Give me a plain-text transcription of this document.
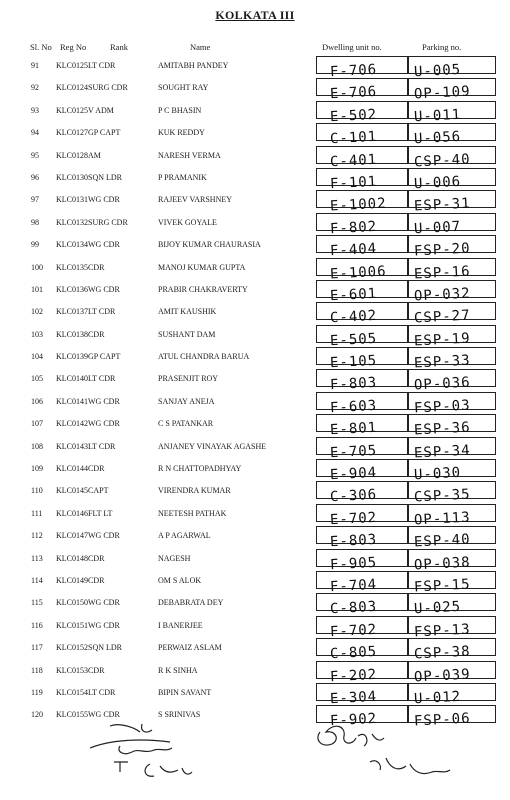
KOLKATA III
Sl. No Reg No	Rank	Name	Dwelling unit no.	Parking no.
91 KLC0125 LT CDR	AMITABH PANDEY	F-706	U-005
92 KLC0124 SURG CDR	SOUGHT RAY	E-706	OP-109
93 KLC0125 V ADM	P C BHASIN	E-502	U-011
94 KLC0127 GP CAPT	KUK REDDY	C-101	U-056
95 KLC0128 AM	NARESH VERMA	C-401	CSP-40
96 KLC0130 SQN LDR	P PRAMANIK	F-101	U-006
97 KLC0131 WG CDR	RAJEEV VARSHNEY	E-1002 ESP-31
98 KLC0132 SURG CDR	VIVEK GOYALE	F-802	U-007
99 KLC0134 WG CDR	BIJOY KUMAR CHAURASIA	F-404	FSP-20
100 KLC0135 CDR	MANOJ KUMAR GUPTA	E-1006 ESP-16
101 KLC0136 WG CDR	PRABIR CHAKRAVERTY	E-601	OP-032
102 KLC0137 LT CDR	AMIT KAUSHIK	C-402	CSP-27
103 KLC0138 CDR	SUSHANT DAM	E-505	ESP-19
104 KLC0139 GP CAPT	ATUL CHANDRA BARUA	E-105	ESP-33
105 KLC0140 LT CDR	PRASENJIT ROY	F-803	OP-036
106 KLC0141 WG CDR	SANJAY ANEJA	F-603	FSP-03
107 KLC0142 WG CDR	C S PATANKAR	E-801	ESP-36
108 KLC0143 LT CDR	ANJANEY VINAYAK AGASHE	E-705	ESP-34
109 KLC0144 CDR	R N CHATTOPADHYAY	E-904	U-030
110 KLC0145 CAPT	VIRENDRA KUMAR	C-306	CSP-35
111 KLC0146 FLT LT	NEETESH PATHAK	E-702	OP-113
112 KLC0147 WG CDR	A P AGARWAL	E-803	ESP-40
113 KLC0148 CDR	NAGESH	F-905	OP-038
114 KLC0149 CDR	OM S ALOK	F-704	FSP-15
115 KLC0150 WG CDR	DEBABRATA DEY	C-803	U-025
116 KLC0151 WG CDR	I BANERJEE	F-702	FSP-13
117 KLC0152 SQN LDR	PERWAIZ ASLAM	C-805	CSP-38
118 KLC0153 CDR	R K SINHA	F-202	OP-039
119 KLC0154 LT CDR	BIPIN SAVANT	E-304	U-012
120 KLC0155 WG CDR	S SRINIVAS	F-902	FSP-06
